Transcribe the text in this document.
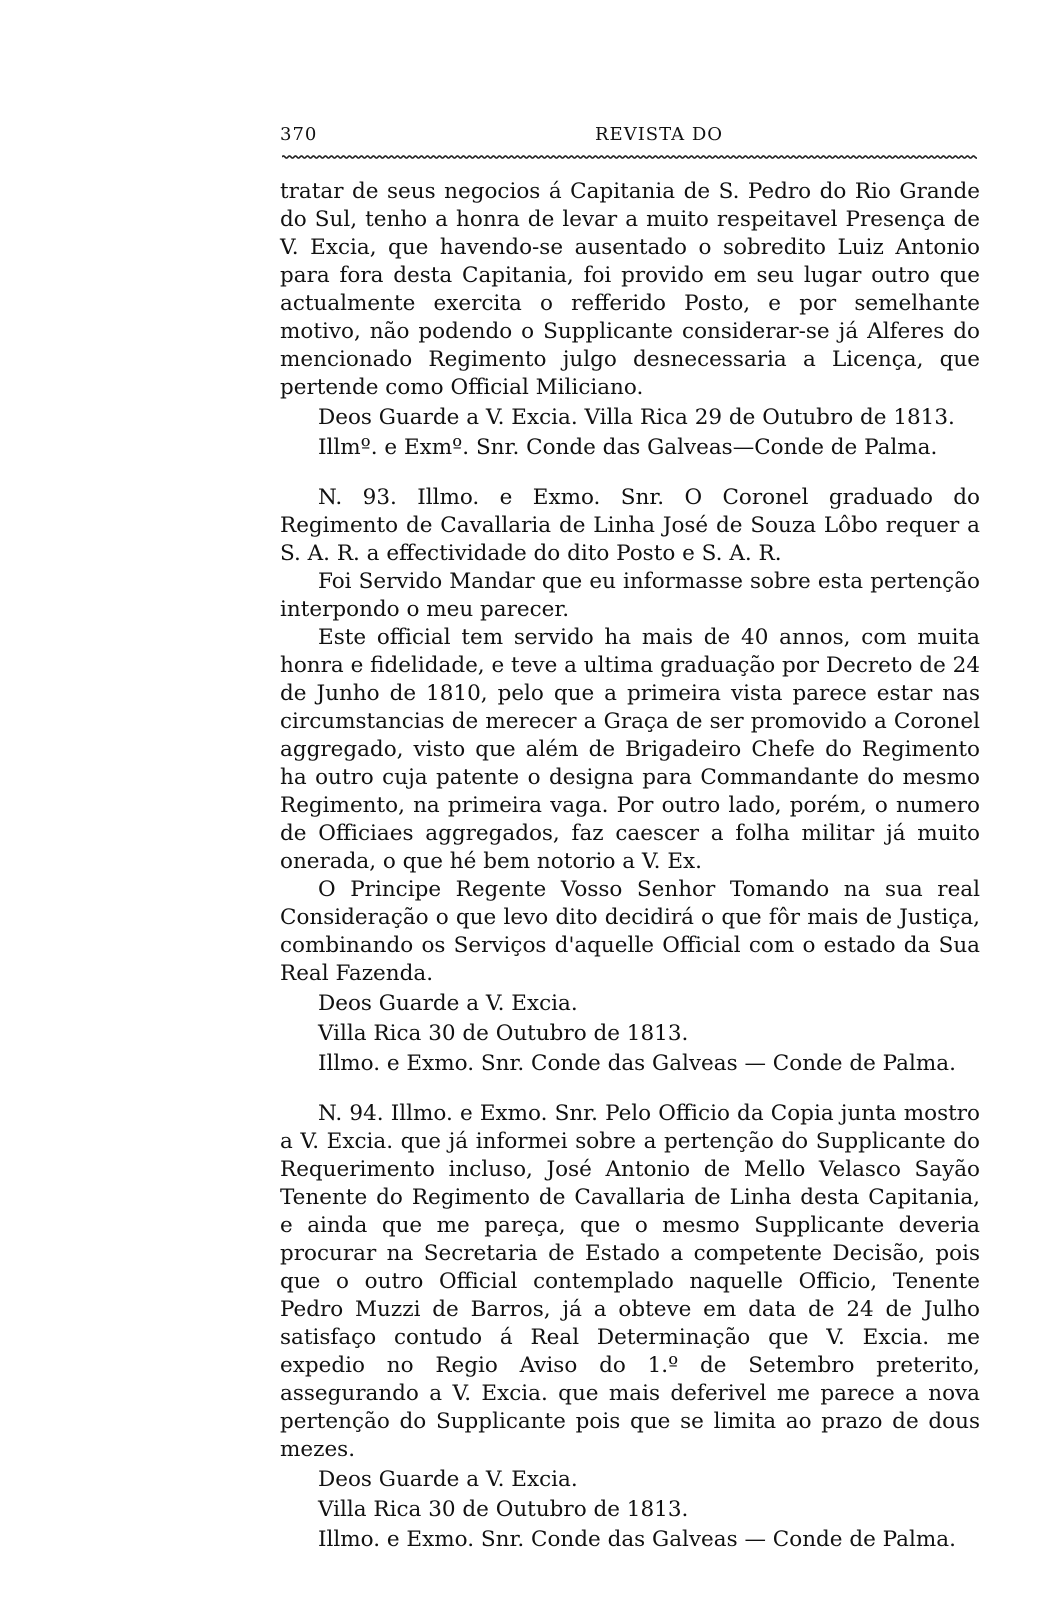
370	REVISTA DO

tratar de seus negocios á Capitania de S. Pedro do Rio Grande do Sul, tenho a honra de levar a muito respeitavel Presença de V. Excia, que havendo-se ausentado o sobredito Luiz Antonio para fora desta Capitania, foi provido em seu lugar outro que actualmente exercita o refferido Posto, e por semelhante motivo, não podendo o Supplicante considerar-se já Alferes do mencionado Regimento julgo desnecessaria a Licença, que pertende como Official Miliciano.

Deos Guarde a V. Excia. Villa Rica 29 de Outubro de 1813.

Illmº. e Exmº. Snr. Conde das Galveas—Conde de Palma.

N. 93. Illmo. e Exmo. Snr. O Coronel graduado do Regimento de Cavallaria de Linha José de Souza Lôbo requer a S. A. R. a effectividade do dito Posto e S. A. R.

Foi Servido Mandar que eu informasse sobre esta pertenção interpondo o meu parecer.

Este official tem servido ha mais de 40 annos, com muita honra e fidelidade, e teve a ultima graduação por Decreto de 24 de Junho de 1810, pelo que a primeira vista parece estar nas circumstancias de merecer a Graça de ser promovido a Coronel aggregado, visto que além de Brigadeiro Chefe do Regimento ha outro cuja patente o designa para Commandante do mesmo Regimento, na primeira vaga. Por outro lado, porém, o numero de Officiaes aggregados, faz caescer a folha militar já muito onerada, o que hé bem notorio a V. Ex.

O Principe Regente Vosso Senhor Tomando na sua real Consideração o que levo dito decidirá o que fôr mais de Justiça, combinando os Serviços d'aquelle Official com o estado da Sua Real Fazenda.

Deos Guarde a V. Excia.

Villa Rica 30 de Outubro de 1813.

Illmo. e Exmo. Snr. Conde das Galveas — Conde de Palma.

N. 94. Illmo. e Exmo. Snr. Pelo Officio da Copia junta mostro a V. Excia. que já informei sobre a pertenção do Supplicante do Requerimento incluso, José Antonio de Mello Velasco Sayão Tenente do Regimento de Cavallaria de Linha desta Capitania, e ainda que me pareça, que o mesmo Supplicante deveria procurar na Secretaria de Estado a competente Decisão, pois que o outro Official contemplado naquelle Officio, Tenente Pedro Muzzi de Barros, já a obteve em data de 24 de Julho satisfaço contudo á Real Determinação que V. Excia. me expedio no Regio Aviso do 1.º de Setembro preterito, assegurando a V. Excia. que mais deferivel me parece a nova pertenção do Supplicante pois que se limita ao prazo de dous mezes.

Deos Guarde a V. Excia.

Villa Rica 30 de Outubro de 1813.

Illmo. e Exmo. Snr. Conde das Galveas — Conde de Palma.
